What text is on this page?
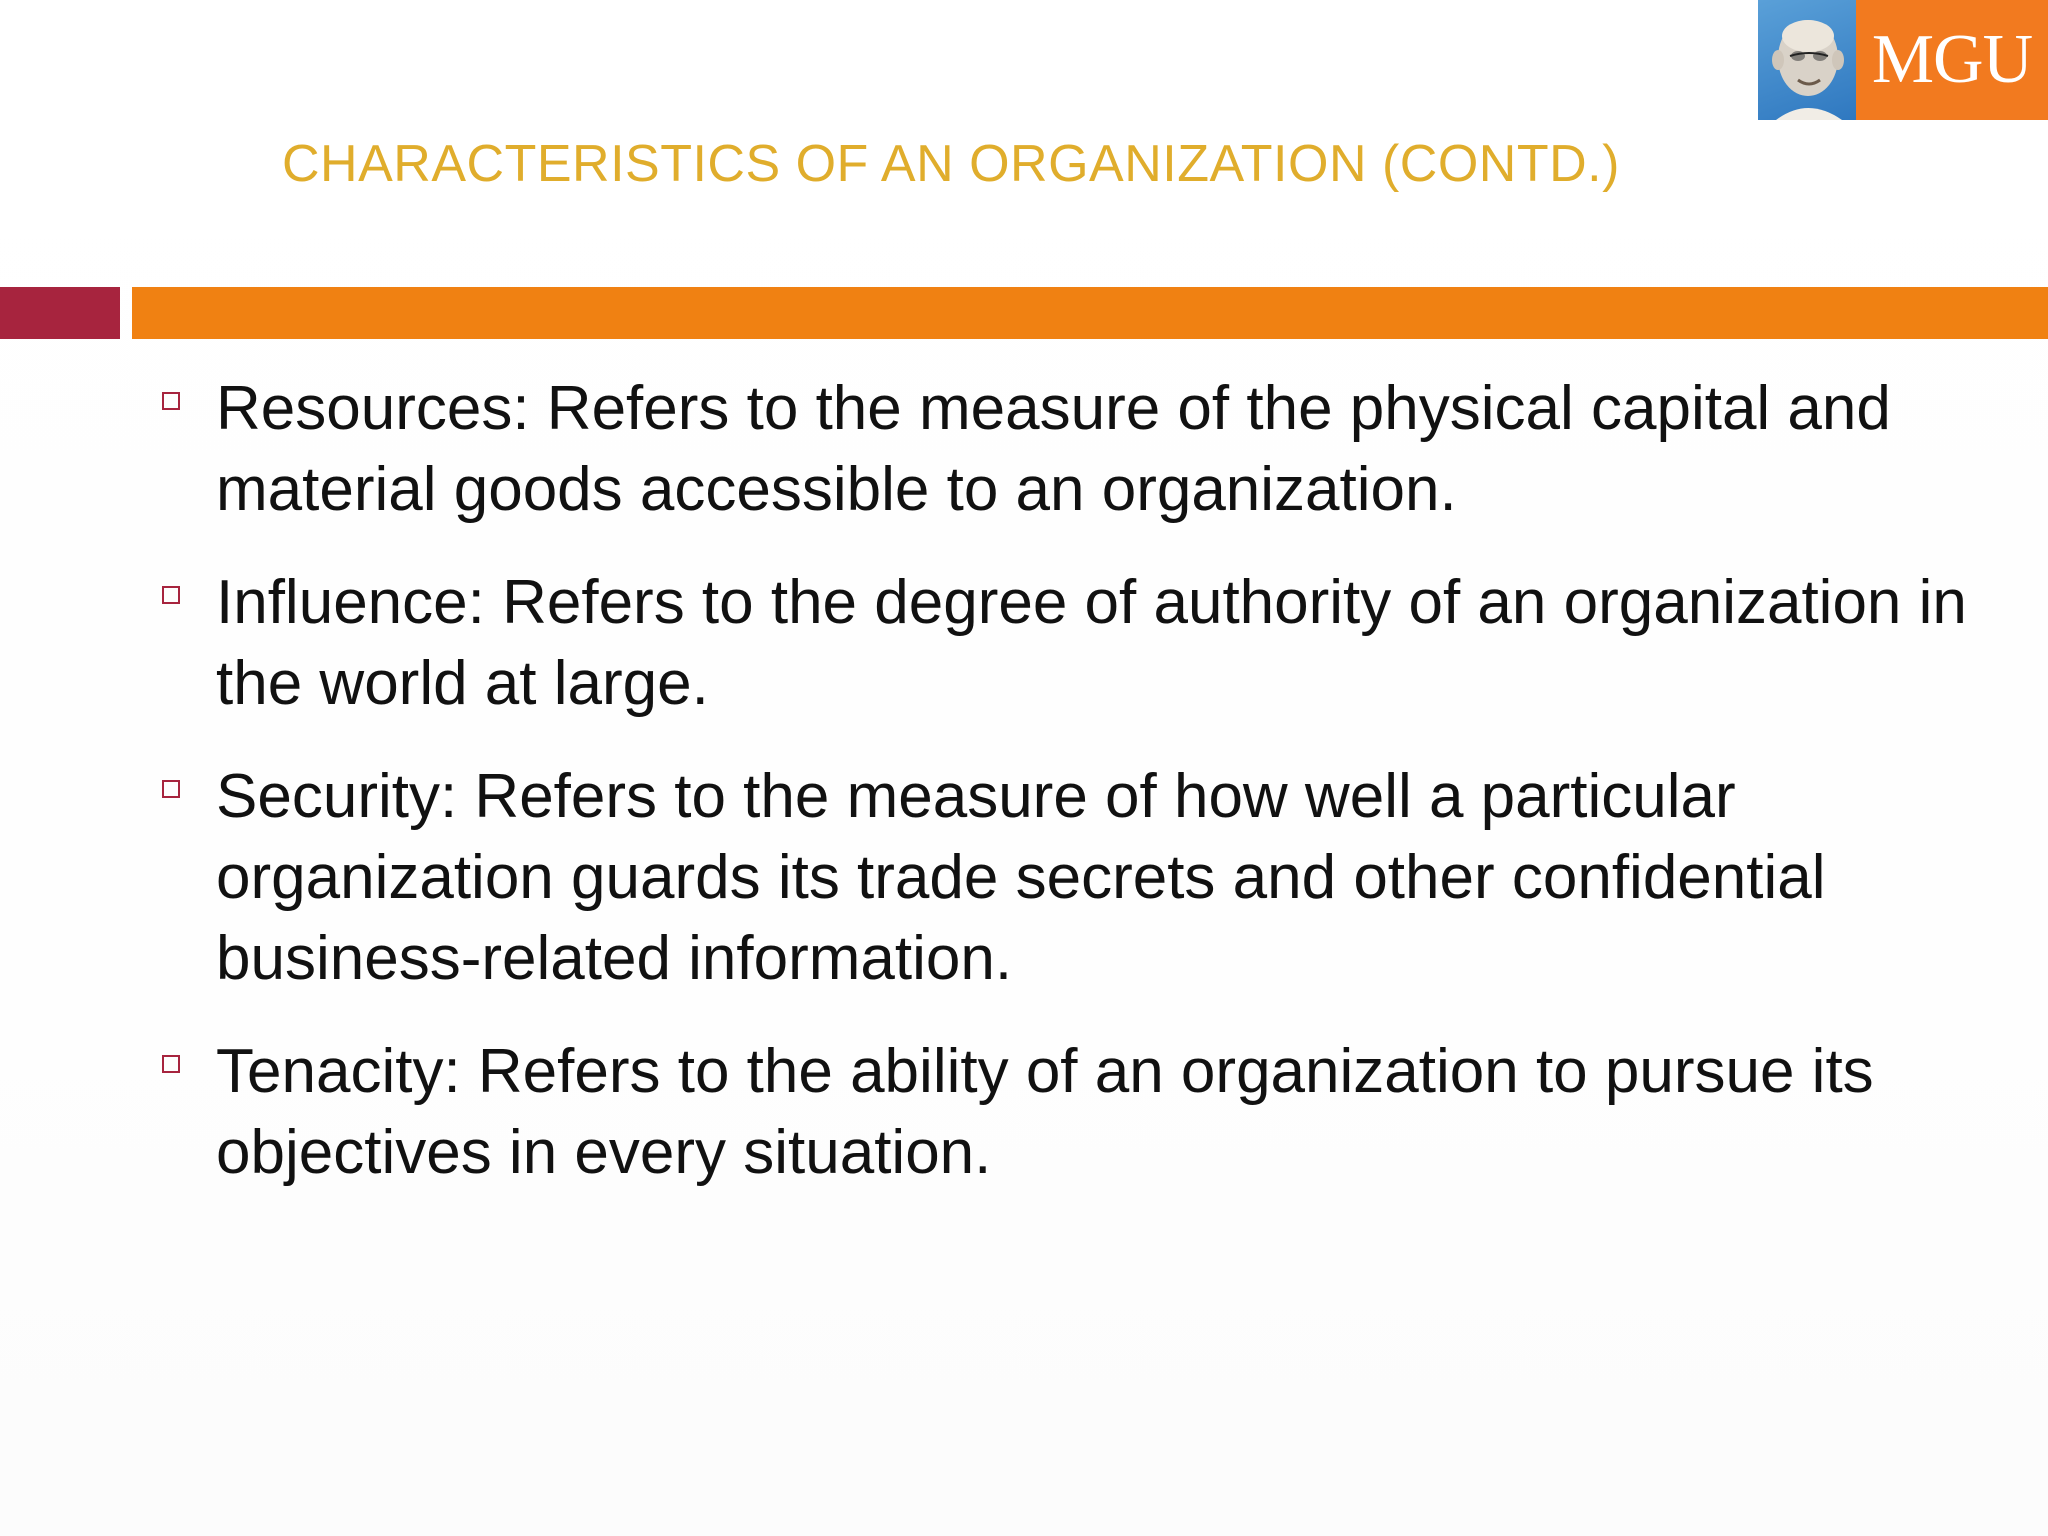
MGU
CHARACTERISTICS OF AN ORGANIZATION (CONTD.)
Resources: Refers to the measure of the physical capital and material goods accessible to an organization.
Influence: Refers to the degree of authority of an organization in the world at large.
Security: Refers to the measure of how well a particular organization guards its trade secrets and other confidential business-related information.
Tenacity: Refers to the ability of an organization to pursue its objectives in every situation.
